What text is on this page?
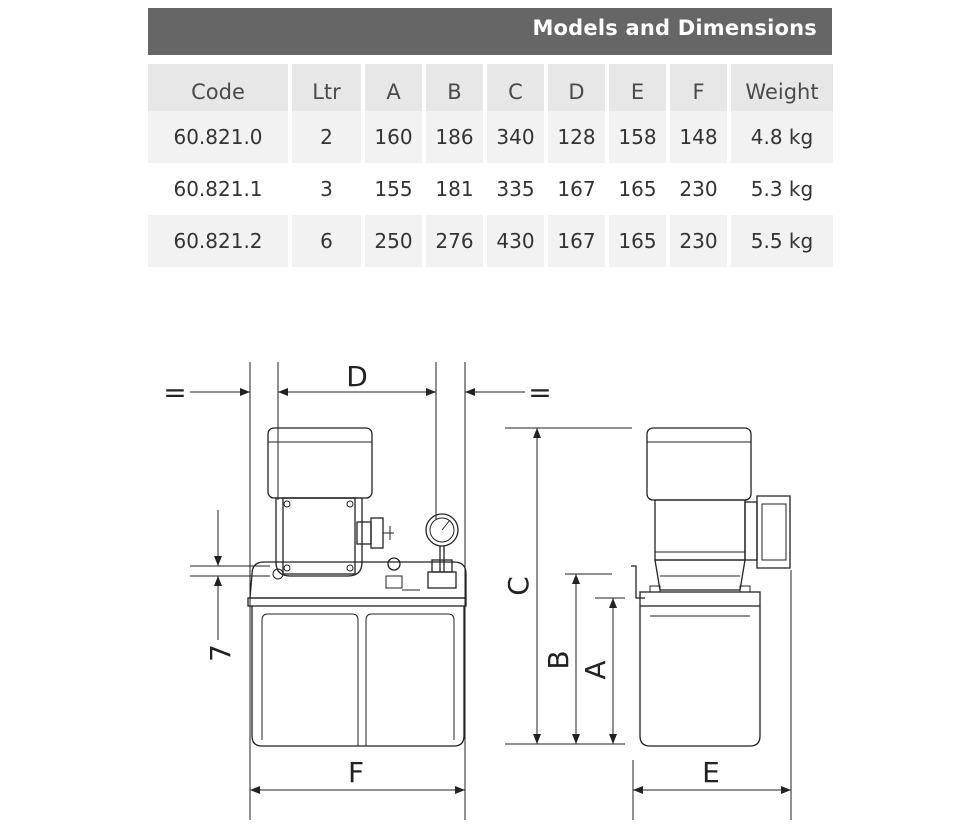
Models and Dimensions
Code	Ltr	A	B	C	D	E	F	Weight
60.821.0	2	160	186	340	128	158	148	4.8 kg
60.821.1	3	155	181	335	167	165	230	5.3 kg
60.821.2	6	250	276	430	167	165	230	5.5 kg
D
=	=
F	E
C
B
A
7
